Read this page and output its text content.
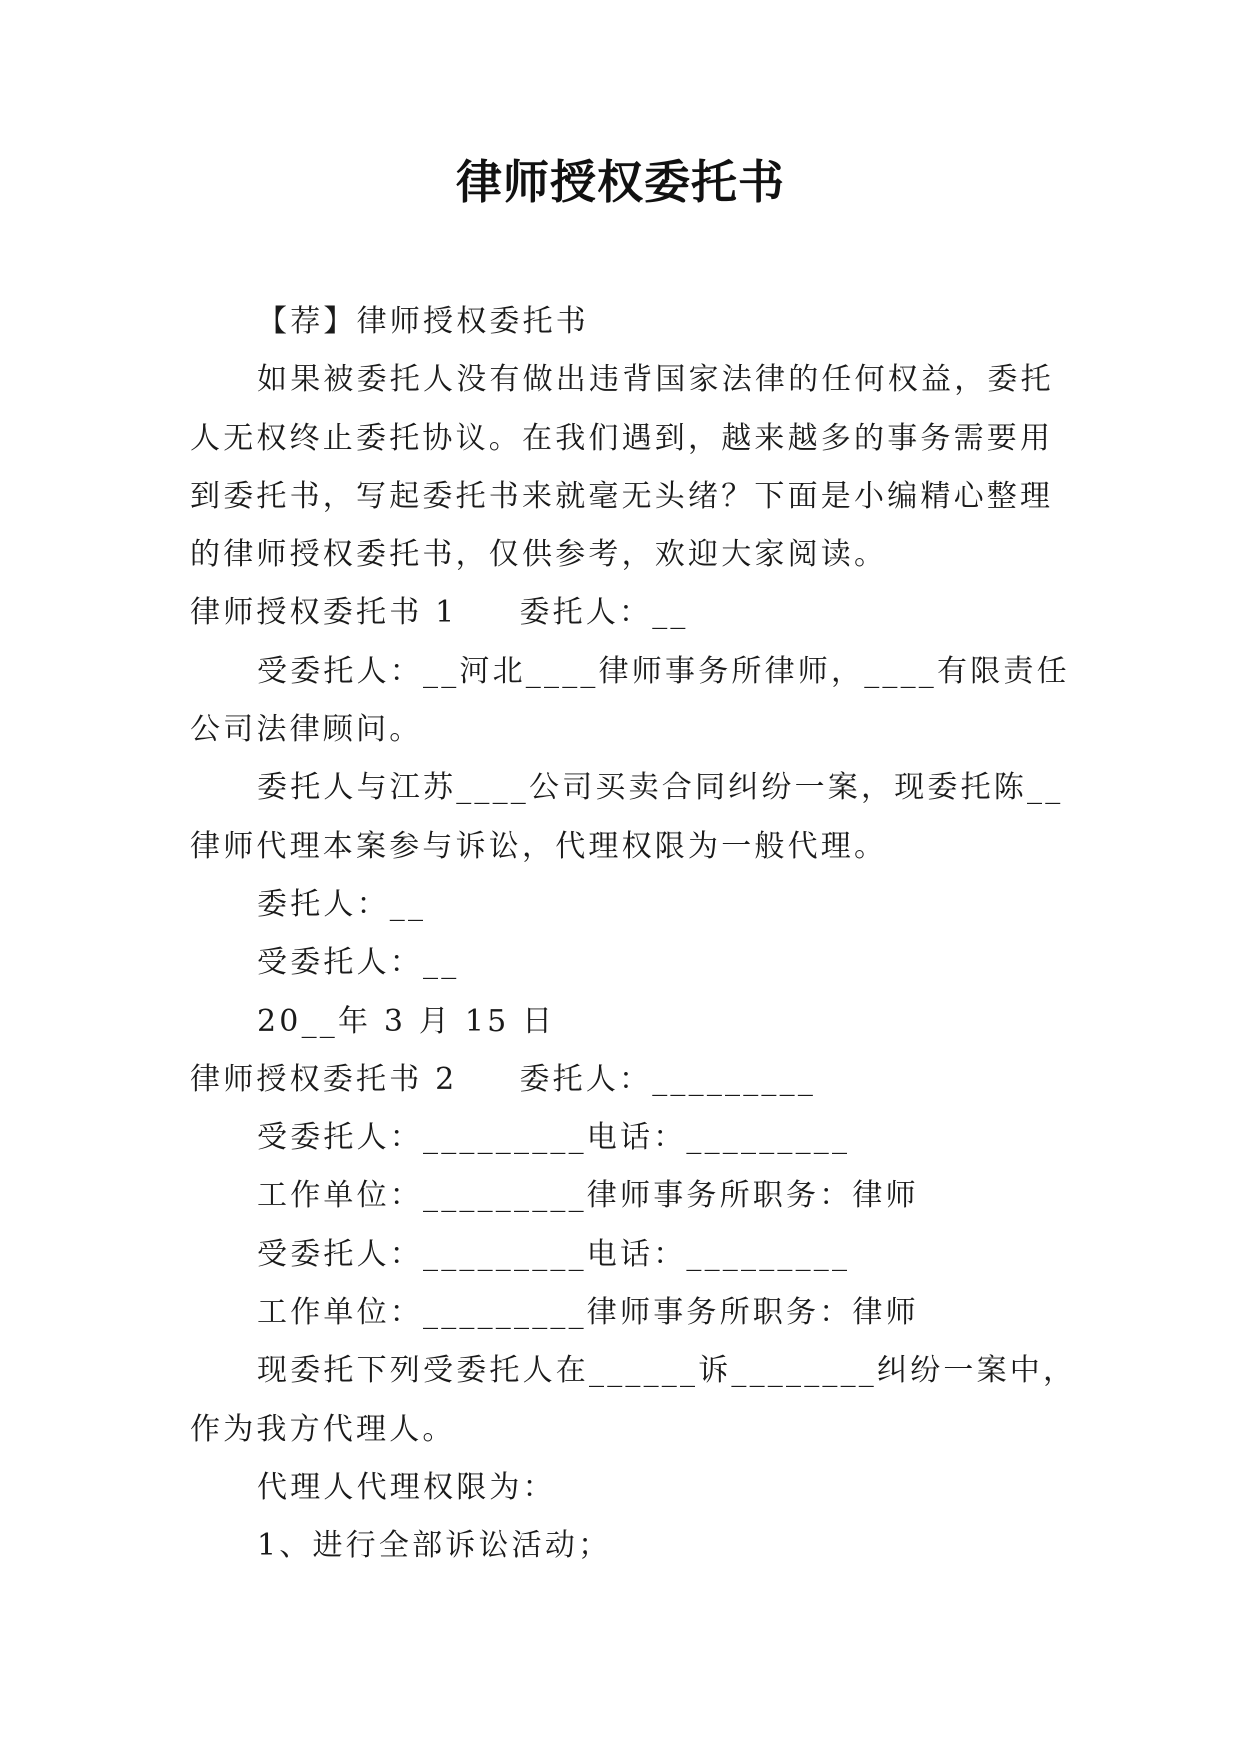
律师授权委托书

【荐】律师授权委托书

如果被委托人没有做出违背国家法律的任何权益，委托

人无权终止委托协议。在我们遇到，越来越多的事务需要用

到委托书，写起委托书来就毫无头绪？下面是小编精心整理

的律师授权委托书，仅供参考，欢迎大家阅读。

律师授权委托书 1 委托人：__

受委托人：__河北____律师事务所律师，____有限责任

公司法律顾问。

委托人与江苏____公司买卖合同纠纷一案，现委托陈__

律师代理本案参与诉讼，代理权限为一般代理。

委托人：__

受委托人：__

20__年 3 月 15 日

律师授权委托书 2 委托人：_________

受委托人：_________电话：_________

工作单位：_________律师事务所职务：律师

受委托人：_________电话：_________

工作单位：_________律师事务所职务：律师

现委托下列受委托人在______诉________纠纷一案中，

作为我方代理人。

代理人代理权限为：

1、进行全部诉讼活动；
